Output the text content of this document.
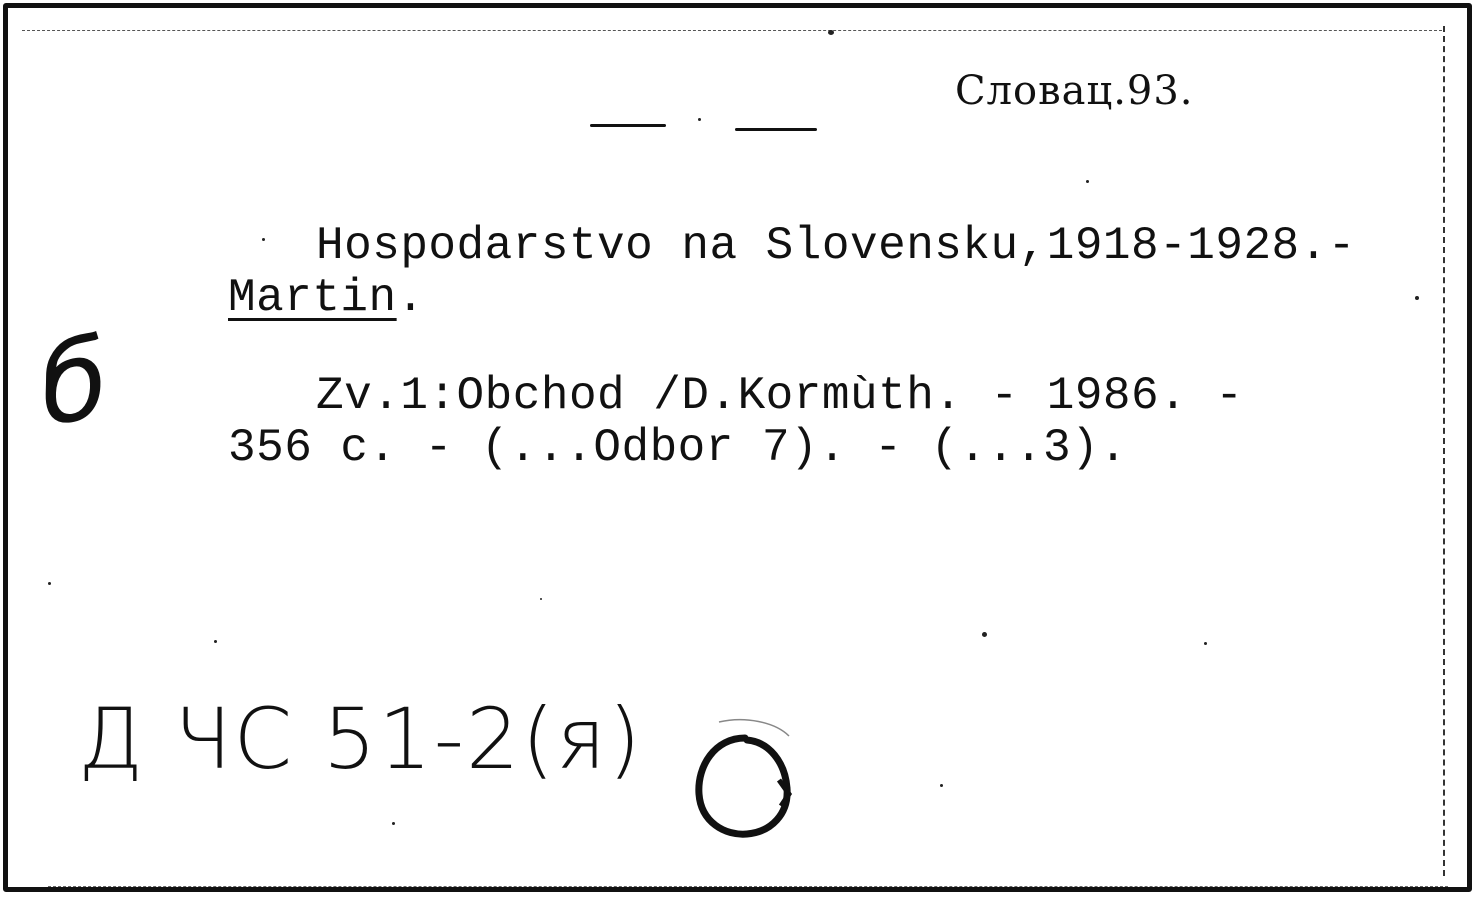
Словац.93.
Hospodarstvo na Slovensku,1918-1928.-
Martin.
Zv.1:Obchod /D.Kormùth. - 1986. -
356 c. - (...Odbor 7). - (...3).
б
Д ЧС 51-2(я)
